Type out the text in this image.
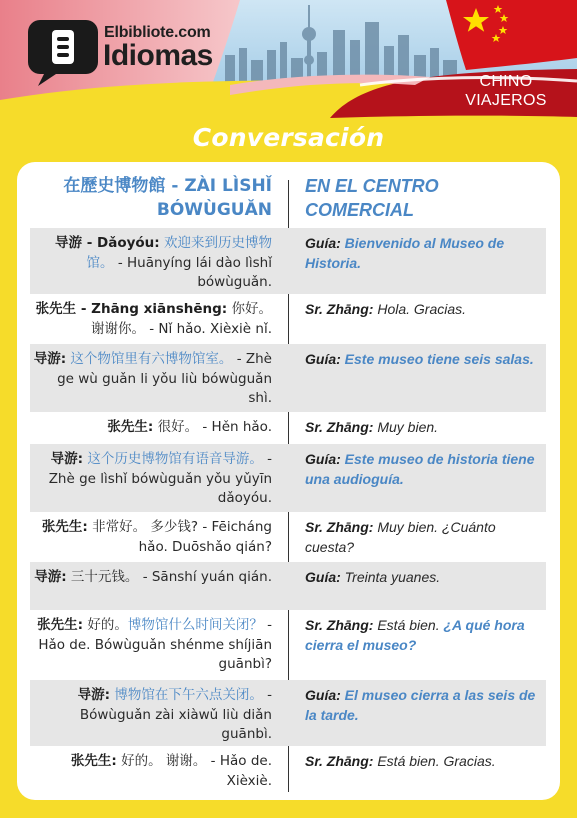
CHINO
VIAJEROS
Elbibliote.com
Idiomas
Conversación
在歷史博物館 - ZÀI LÌSHǏ BÓWÙGUǍN
EN EL CENTRO COMERCIAL
导游 - Dǎoyóu: 欢迎来到历史博物馆。 - Huānyíng lái dào lìshǐ bówùguǎn.
Guía: Bienvenido al Museo de Historia.
张先生 - Zhāng xiānshēng: 你好。谢谢你。 - Nǐ hǎo. Xièxiè nǐ.
Sr. Zhāng: Hola. Gracias.
导游: 这个物馆里有六博物馆室。 - Zhè ge wù guǎn li yǒu liù bówùguǎn shì.
Guía: Este museo tiene seis salas.
张先生: 很好。 - Hěn hǎo. Sr. Zhāng: Muy bien.
导游: 这个历史博物馆有语音导游。 - Zhè ge lìshǐ bówùguǎn yǒu yǔyīn dǎoyóu.
Guía: Este museo de historia tiene una audioguía.
张先生: 非常好。 多少钱? - Fēicháng hǎo. Duōshǎo qián?
Sr. Zhāng: Muy bien. ¿Cuánto cuesta?
导游: 三十元钱。 - Sānshí yuán qián. Guía: Treinta yuanes.
张先生: 好的。博物馆什么时间关闭？ - Hǎo de. Bówùguǎn shénme shíjiān guānbì?
Sr. Zhāng: Está bien. ¿A qué hora cierra el museo?
导游: 博物馆在下午六点关闭。 - Bówùguǎn zài xiàwǔ liù diǎn guānbì.
Guía: El museo cierra a las seis de la tarde.
张先生: 好的。 谢谢。 - Hǎo de. Xièxiè.
Sr. Zhāng: Está bien. Gracias.
